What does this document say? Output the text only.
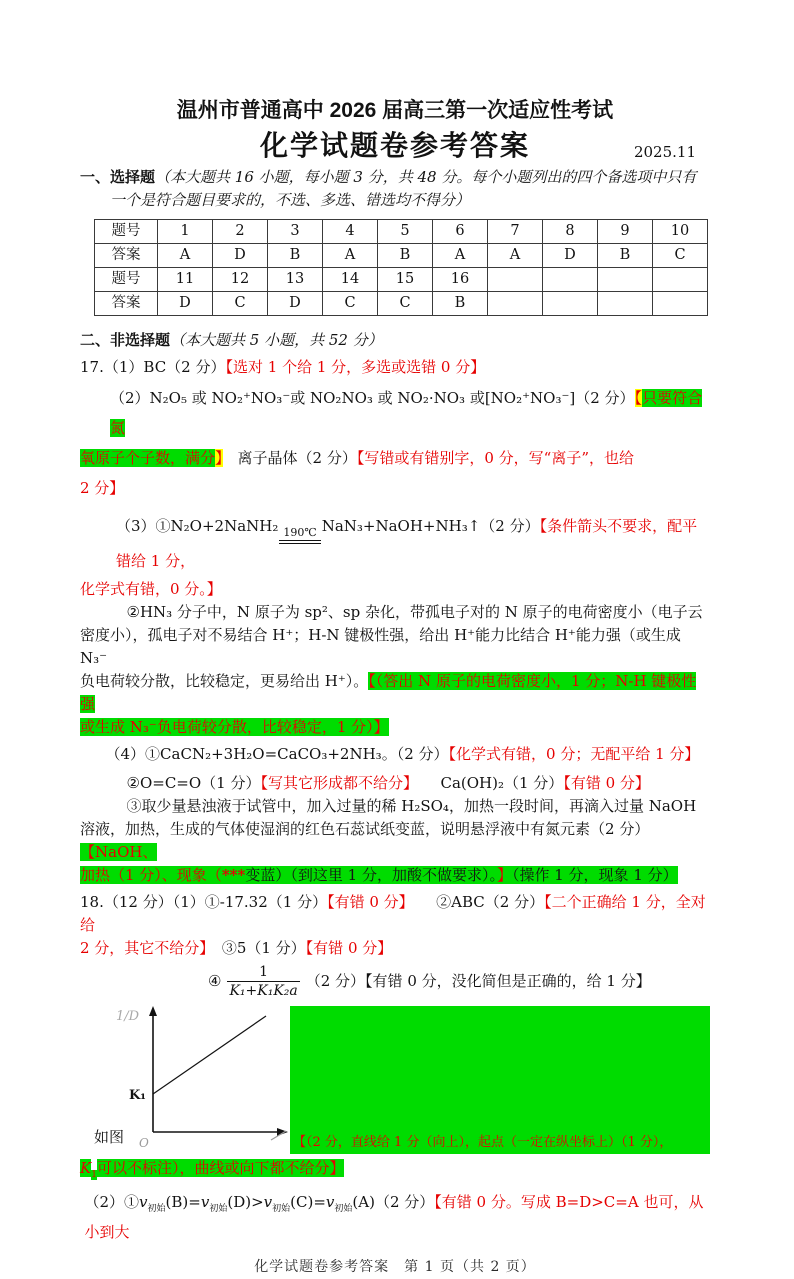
温州市普通高中 2026 届高三第一次适应性考试
化学试题卷参考答案	2025.11
一、选择题（本大题共 16 小题，每小题 3 分，共 48 分。每个小题列出的四个备选项中只有
一个是符合题目要求的，不选、多选、错选均不得分）
题号	1	2	3	4	5	6	7	8	9	10
答案	A	D	B	A	B	A	A	D	B	C
题号	11	12	13	14	15	16				
答案	D	C	D	C	C	B				
二、非选择题（本大题共 5 小题，共 52 分）

17.（1）BC（2 分）【选对 1 个给 1 分，多选或选错 0 分】

（2）N₂O₅ 或 NO₂⁺NO₃⁻或 NO₂NO₃ 或 NO₂·NO₃ 或[NO₂⁺NO₃⁻]（2 分）【只要符合氮

氧原子个子数，满分】　离子晶体（2 分）【写错或有错别字，0 分，写“离子”，也给

2 分】

（3）①N₂O+2NaNH₂ 190℃ NaN₃+NaOH+NH₃↑（2 分）【条件箭头不要求，配平错给 1 分，

化学式有错，0 分。】

②HN₃ 分子中，N 原子为 sp²、sp 杂化，带孤电子对的 N 原子的电荷密度小（电子云

密度小），孤电子对不易结合 H⁺；H-N 键极性强，给出 H⁺能力比结合 H⁺能力强（或生成 N₃⁻

负电荷较分散，比较稳定，更易给出 H⁺）。【（答出 N 原子的电荷密度小，1 分；N-H 键极性强

或生成 N₃⁻负电荷较分散，比较稳定，1 分）】

（4）①CaCN₂+3H₂O=CaCO₃+2NH₃。（2 分）【化学式有错，0 分；无配平给 1 分】

②O=C=O（1 分）【写其它形成都不给分】　　Ca(OH)₂（1 分）【有错 0 分】

③取少量悬浊液于试管中，加入过量的稀 H₂SO₄，加热一段时间，再滴入过量 NaOH

溶液，加热，生成的气体使湿润的红色石蕊试纸变蓝，说明悬浮液中有氮元素（2 分）【NaOH、

加热（1 分）、现象（***变蓝）（到这里 1 分，加酸不做要求）。】（操作 1 分，现象 1 分）

18.（12 分）（1）①-17.32（1 分）【有错 0 分】　　②ABC（2 分）【二个正确给 1 分，全对给

2 分，其它不给分】　③5（1 分）【有错 0 分】

④ $\frac{1}{\text{K₁+K₁K₂a}} (2$ 分）【有错 0 分，没化简但是正确的，给 1 分】
1/D
K₁
O	【（2 分，直线给 1 分（向上），起点（一定在纵坐标上）（1 分），
如图

$K_1$可以不标注），曲线或向下都不给分】

$(2)①v_{初始}(B)=v_{初始}(D)>v_{初始}(C)=v_{初始}(A)(2$ 分）【有错 0 分。写成 B=D>C=A 也可，从小到大

化学试题卷参考答案　第 1 页（共 2 页）
